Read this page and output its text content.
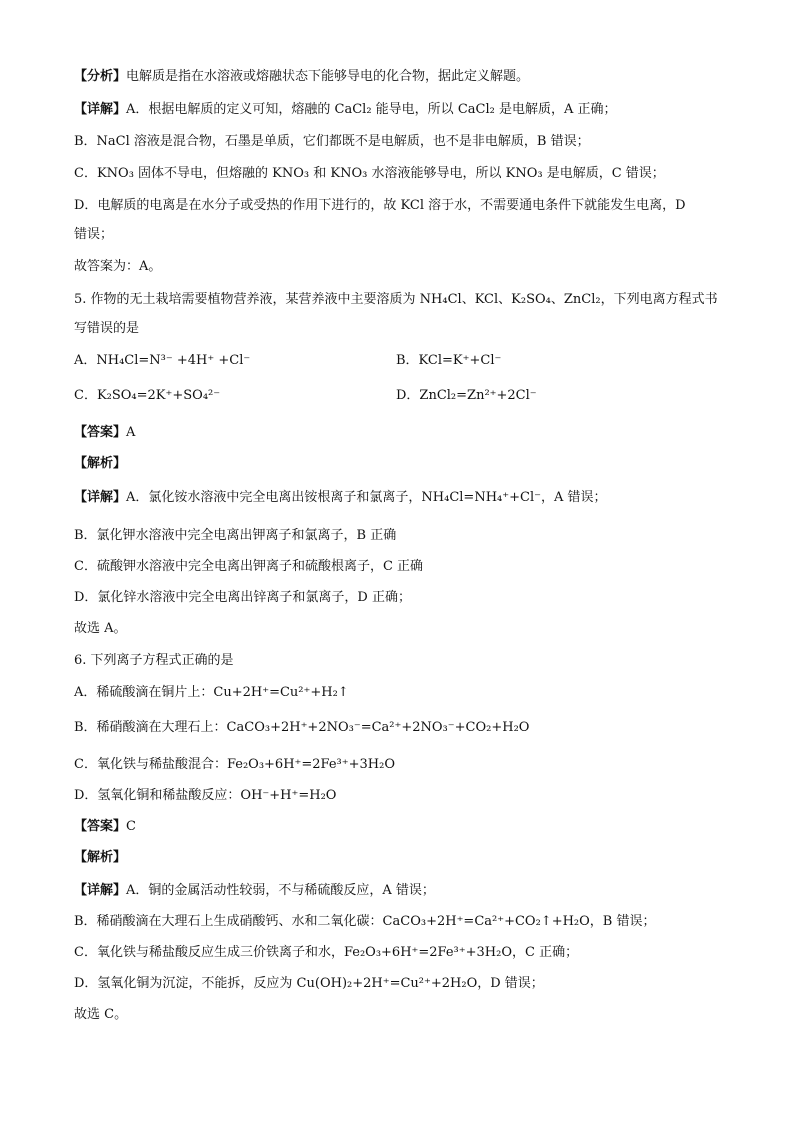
【分析】电解质是指在水溶液或熔融状态下能够导电的化合物，据此定义解题。
【详解】A．根据电解质的定义可知，熔融的 CaCl₂ 能导电，所以 CaCl₂ 是电解质，A 正确；
B．NaCl 溶液是混合物，石墨是单质，它们都既不是电解质，也不是非电解质，B 错误；
C．KNO₃ 固体不导电，但熔融的 KNO₃ 和 KNO₃ 水溶液能够导电，所以 KNO₃ 是电解质，C 错误；
D．电解质的电离是在水分子或受热的作用下进行的，故 KCl 溶于水，不需要通电条件下就能发生电离，D
错误；
故答案为：A。
5. 作物的无土栽培需要植物营养液，某营养液中主要溶质为 NH₄Cl、KCl、K₂SO₄、ZnCl₂，下列电离方程式书
写错误的是
A．NH₄Cl=N³⁻ +4H⁺ +Cl⁻	B．KCl=K⁺+Cl⁻
C．K₂SO₄=2K⁺+SO₄²⁻	D．ZnCl₂=Zn²⁺+2Cl⁻
【答案】A
【解析】
【详解】A．氯化铵水溶液中完全电离出铵根离子和氯离子，NH₄Cl=NH₄⁺+Cl⁻，A 错误；
B．氯化钾水溶液中完全电离出钾离子和氯离子，B 正确
C．硫酸钾水溶液中完全电离出钾离子和硫酸根离子，C 正确
D．氯化锌水溶液中完全电离出锌离子和氯离子，D 正确；
故选 A。
6. 下列离子方程式正确的是
A．稀硫酸滴在铜片上：Cu+2H⁺=Cu²⁺+H₂↑
B．稀硝酸滴在大理石上：CaCO₃+2H⁺+2NO₃⁻=Ca²⁺+2NO₃⁻+CO₂+H₂O
C．氧化铁与稀盐酸混合：Fe₂O₃+6H⁺=2Fe³⁺+3H₂O
D．氢氧化铜和稀盐酸反应：OH⁻+H⁺=H₂O
【答案】C
【解析】
【详解】A．铜的金属活动性较弱，不与稀硫酸反应，A 错误；
B．稀硝酸滴在大理石上生成硝酸钙、水和二氧化碳：CaCO₃+2H⁺=Ca²⁺+CO₂↑+H₂O，B 错误；
C．氧化铁与稀盐酸反应生成三价铁离子和水，Fe₂O₃+6H⁺=2Fe³⁺+3H₂O，C 正确；
D．氢氧化铜为沉淀，不能拆，反应为 Cu(OH)₂+2H⁺=Cu²⁺+2H₂O，D 错误；
故选 C。
